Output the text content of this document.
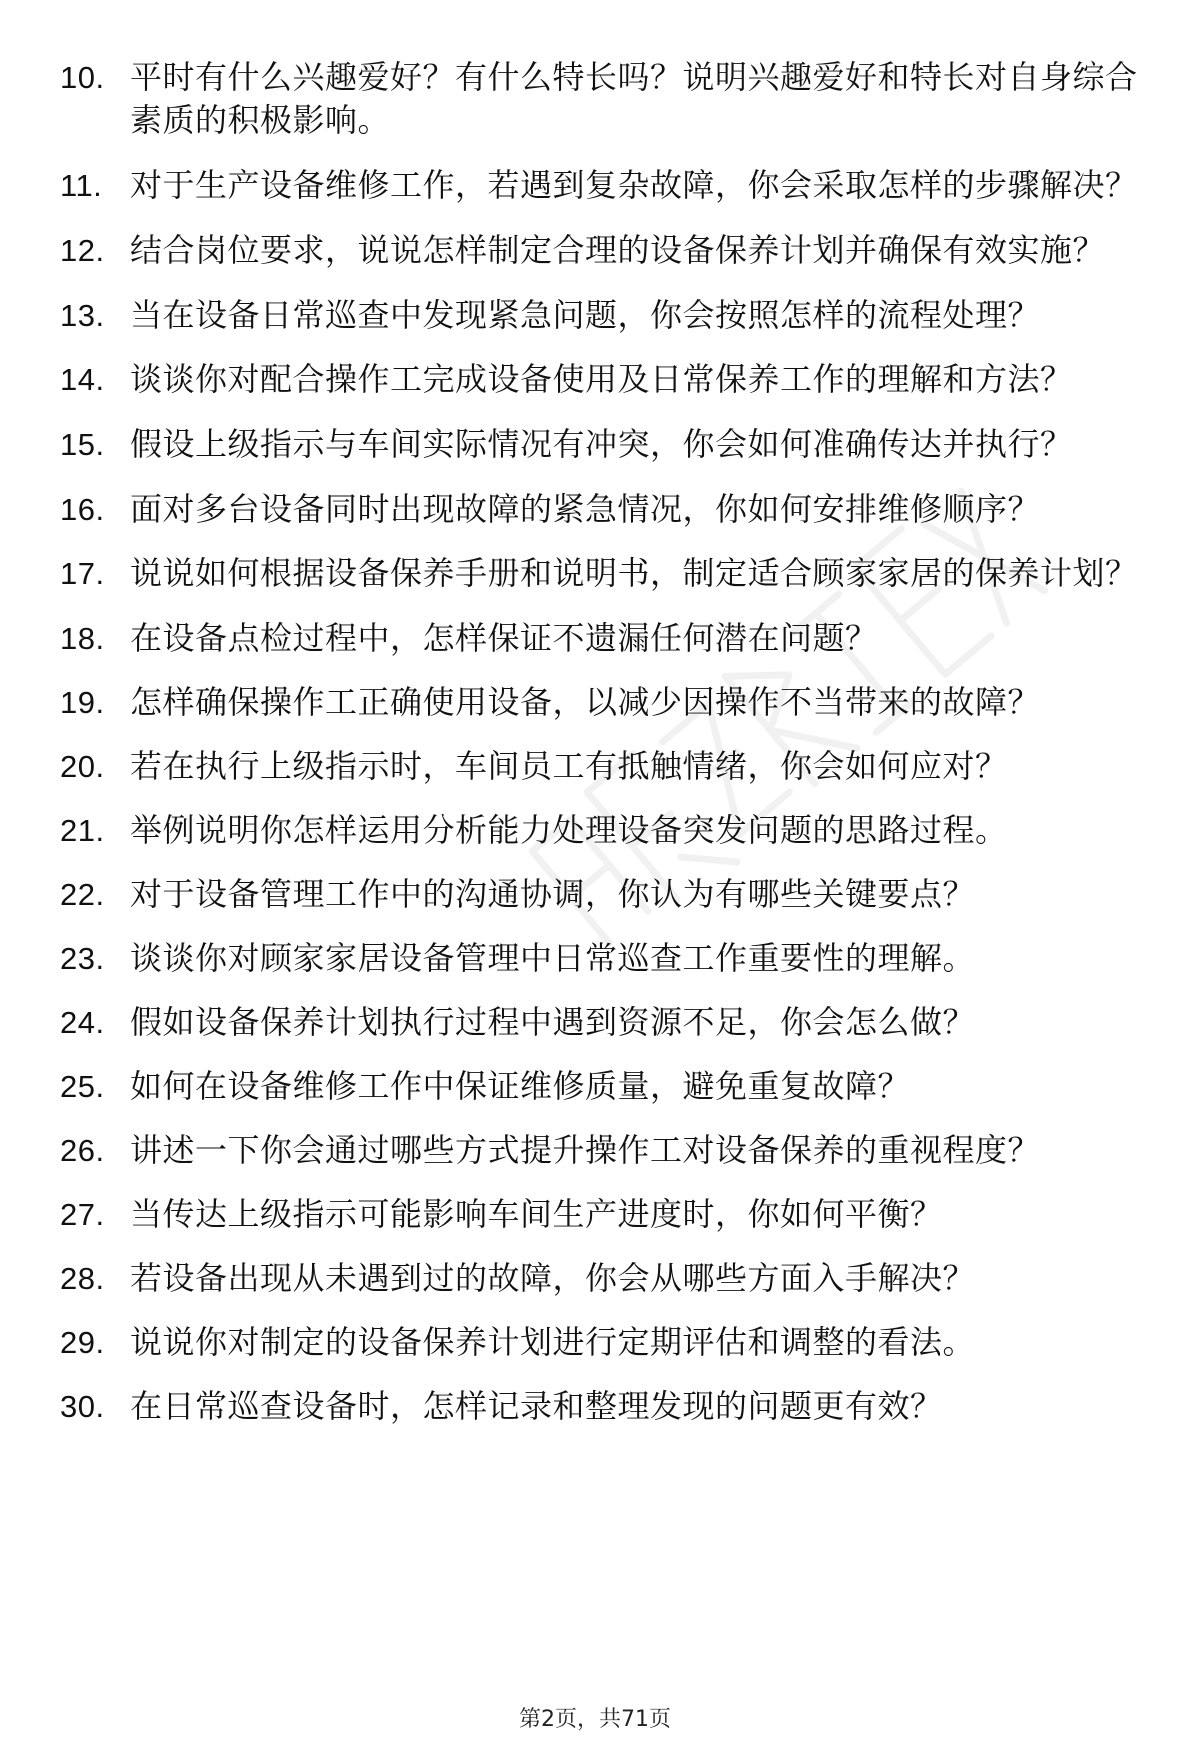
10. 平时有什么兴趣爱好？有什么特长吗？说明兴趣爱好和特长对自身综合素质的积极影响。
11. 对于生产设备维修工作，若遇到复杂故障，你会采取怎样的步骤解决？
12. 结合岗位要求，说说怎样制定合理的设备保养计划并确保有效实施？
13. 当在设备日常巡查中发现紧急问题，你会按照怎样的流程处理？
14. 谈谈你对配合操作工完成设备使用及日常保养工作的理解和方法？
15. 假设上级指示与车间实际情况有冲突，你会如何准确传达并执行？
16. 面对多台设备同时出现故障的紧急情况，你如何安排维修顺序？
17. 说说如何根据设备保养手册和说明书，制定适合顾家家居的保养计划？
18. 在设备点检过程中，怎样保证不遗漏任何潜在问题？
19. 怎样确保操作工正确使用设备，以减少因操作不当带来的故障？
20. 若在执行上级指示时，车间员工有抵触情绪，你会如何应对？
21. 举例说明你怎样运用分析能力处理设备突发问题的思路过程。
22. 对于设备管理工作中的沟通协调，你认为有哪些关键要点？
23. 谈谈你对顾家家居设备管理中日常巡查工作重要性的理解。
24. 假如设备保养计划执行过程中遇到资源不足，你会怎么做？
25. 如何在设备维修工作中保证维修质量，避免重复故障？
26. 讲述一下你会通过哪些方式提升操作工对设备保养的重视程度？
27. 当传达上级指示可能影响车间生产进度时，你如何平衡？
28. 若设备出现从未遇到过的故障，你会从哪些方面入手解决？
29. 说说你对制定的设备保养计划进行定期评估和调整的看法。
30. 在日常巡查设备时，怎样记录和整理发现的问题更有效？
第2页，共71页
